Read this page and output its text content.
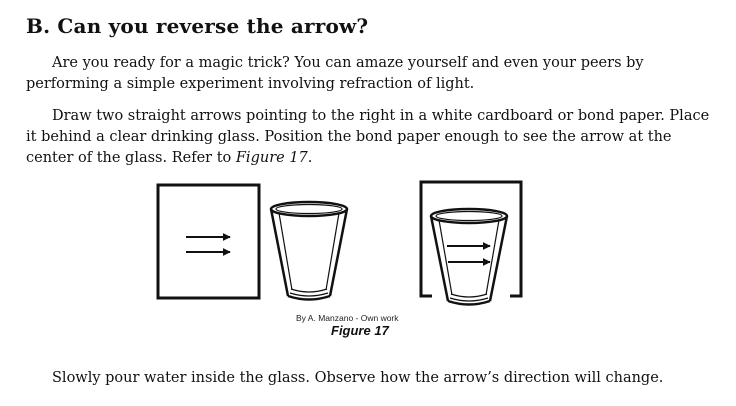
B. Can you reverse the arrow?

Are you ready for a magic trick? You can amaze yourself and even your peers by performing a simple experiment involving refraction of light.

Draw two straight arrows pointing to the right in a white cardboard or bond paper. Place it behind a clear drinking glass. Position the bond paper enough to see the arrow at the center of the glass. Refer to Figure 17.

By A. Manzano - Own work
Figure 17

Slowly pour water inside the glass. Observe how the arrow’s direction will change.
